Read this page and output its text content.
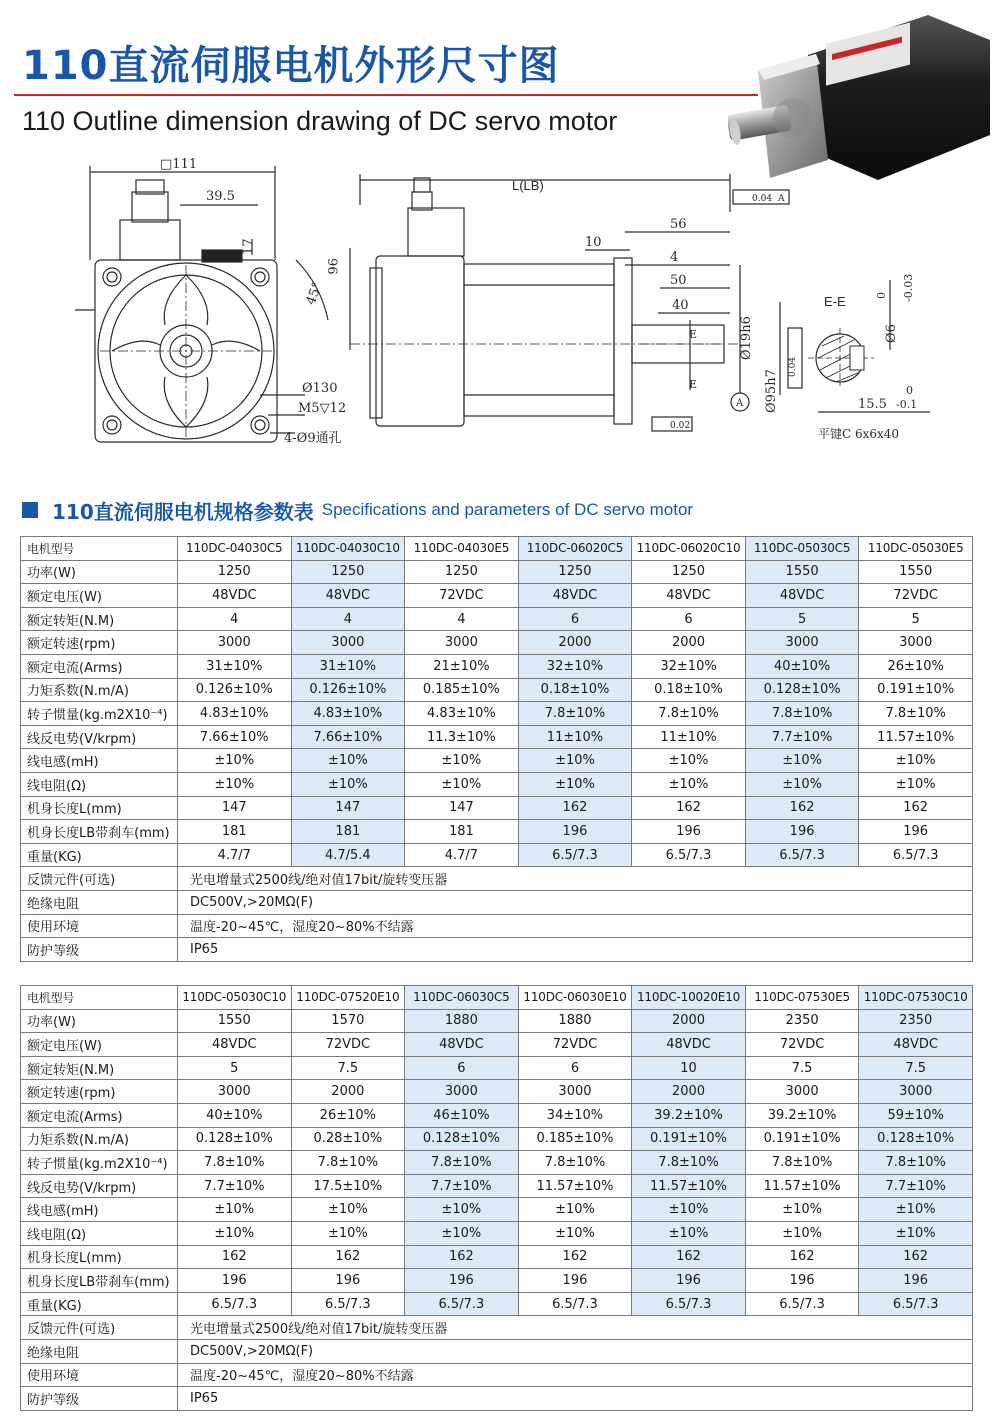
110直流伺服电机外形尺寸图
110 Outline dimension drawing of DC servo motor
□111
39.5
17
45°
Ø130
M5▽12
4-Ø9通孔
L(LB)
56
10
4
50
40
96
Ø19h6
Ø95h7
E
E
A
0.04 A
0.04
0.02
E-E
Ø6
0 -0.03
15.5
0
-0.1
平键C 6x6x40
110直流伺服电机规格参数表 Specifications and parameters of DC servo motor
电机型号	110DC-04030C5	110DC-04030C10	110DC-04030E5	110DC-06020C5	110DC-06020C10	110DC-05030C5	110DC-05030E5
功率(W)	1250	1250	1250	1250	1250	1550	1550
额定电压(W)	48VDC	48VDC	72VDC	48VDC	48VDC	48VDC	72VDC
额定转矩(N.M)	4	4	4	6	6	5	5
额定转速(rpm)	3000	3000	3000	2000	2000	3000	3000
额定电流(Arms)	31±10%	31±10%	21±10%	32±10%	32±10%	40±10%	26±10%
力矩系数(N.m/A)	0.126±10%	0.126±10%	0.185±10%	0.18±10%	0.18±10%	0.128±10%	0.191±10%
转子惯量(kg.m2X10⁻⁴)	4.83±10%	4.83±10%	4.83±10%	7.8±10%	7.8±10%	7.8±10%	7.8±10%
线反电势(V/krpm)	7.66±10%	7.66±10%	11.3±10%	11±10%	11±10%	7.7±10%	11.57±10%
线电感(mH)	±10%	±10%	±10%	±10%	±10%	±10%	±10%
线电阻(Ω)	±10%	±10%	±10%	±10%	±10%	±10%	±10%
机身长度L(mm)	147	147	147	162	162	162	162
机身长度LB带刹车(mm)	181	181	181	196	196	196	196
重量(KG)	4.7/7	4.7/5.4	4.7/7	6.5/7.3	6.5/7.3	6.5/7.3	6.5/7.3
反馈元件(可选)	光电增量式2500线/绝对值17bit/旋转变压器						
绝缘电阻	DC500V,>20MΩ(F)						
使用环境	温度-20~45℃，湿度20~80%不结露						
防护等级	IP65						
电机型号	110DC-05030C10	110DC-07520E10	110DC-06030C5	110DC-06030E10	110DC-10020E10	110DC-07530E5	110DC-07530C10
功率(W)	1550	1570	1880	1880	2000	2350	2350
额定电压(W)	48VDC	72VDC	48VDC	72VDC	48VDC	72VDC	48VDC
额定转矩(N.M)	5	7.5	6	6	10	7.5	7.5
额定转速(rpm)	3000	2000	3000	3000	2000	3000	3000
额定电流(Arms)	40±10%	26±10%	46±10%	34±10%	39.2±10%	39.2±10%	59±10%
力矩系数(N.m/A)	0.128±10%	0.28±10%	0.128±10%	0.185±10%	0.191±10%	0.191±10%	0.128±10%
转子惯量(kg.m2X10⁻⁴)	7.8±10%	7.8±10%	7.8±10%	7.8±10%	7.8±10%	7.8±10%	7.8±10%
线反电势(V/krpm)	7.7±10%	17.5±10%	7.7±10%	11.57±10%	11.57±10%	11.57±10%	7.7±10%
线电感(mH)	±10%	±10%	±10%	±10%	±10%	±10%	±10%
线电阻(Ω)	±10%	±10%	±10%	±10%	±10%	±10%	±10%
机身长度L(mm)	162	162	162	162	162	162	162
机身长度LB带刹车(mm)	196	196	196	196	196	196	196
重量(KG)	6.5/7.3	6.5/7.3	6.5/7.3	6.5/7.3	6.5/7.3	6.5/7.3	6.5/7.3
反馈元件(可选)	光电增量式2500线/绝对值17bit/旋转变压器						
绝缘电阻	DC500V,>20MΩ(F)						
使用环境	温度-20~45℃，湿度20~80%不结露						
防护等级	IP65						
